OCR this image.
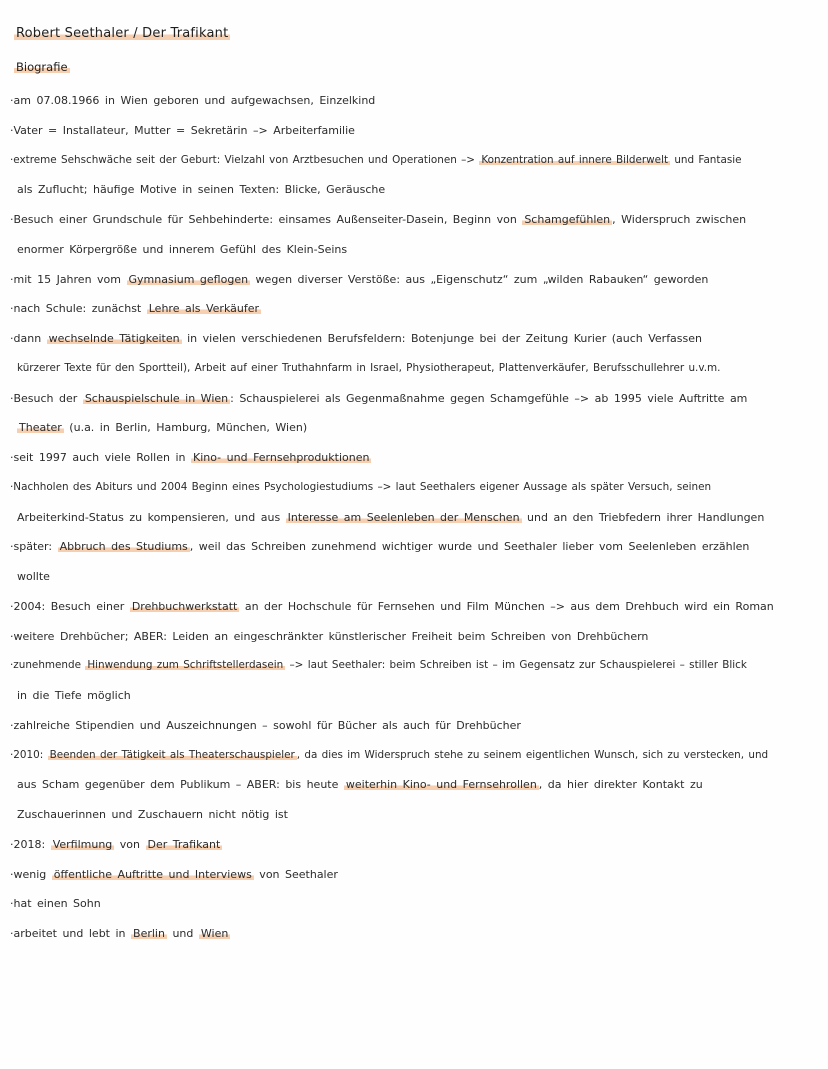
Robert Seethaler / Der Trafikant
Biografie
·am 07.08.1966 in Wien geboren und aufgewachsen, Einzelkind
·Vater = Installateur, Mutter = Sekretärin –> Arbeiterfamilie
·extreme Sehschwäche seit der Geburt: Vielzahl von Arztbesuchen und Operationen –> Konzentration auf innere Bilderwelt und Fantasie
als Zuflucht; häufige Motive in seinen Texten: Blicke, Geräusche
·Besuch einer Grundschule für Sehbehinderte: einsames Außenseiter-Dasein, Beginn von Schamgefühlen , Widerspruch zwischen
enormer Körpergröße und innerem Gefühl des Klein-Seins
·mit 15 Jahren vom Gymnasium geflogen wegen diverser Verstöße: aus „Eigenschutz“ zum „wilden Rabauken“ geworden
·nach Schule: zunächst Lehre als Verkäufer
·dann wechselnde Tätigkeiten in vielen verschiedenen Berufsfeldern: Botenjunge bei der Zeitung Kurier (auch Verfassen
kürzerer Texte für den Sportteil), Arbeit auf einer Truthahnfarm in Israel, Physiotherapeut, Plattenverkäufer, Berufsschullehrer u.v.m.
·Besuch der Schauspielschule in Wien : Schauspielerei als Gegenmaßnahme gegen Schamgefühle –> ab 1995 viele Auftritte am
Theater (u.a. in Berlin, Hamburg, München, Wien)
·seit 1997 auch viele Rollen in Kino- und Fernsehproduktionen
·Nachholen des Abiturs und 2004 Beginn eines Psychologiestudiums –> laut Seethalers eigener Aussage als später Versuch, seinen
Arbeiterkind-Status zu kompensieren, und aus Interesse am Seelenleben der Menschen und an den Triebfedern ihrer Handlungen
·später: Abbruch des Studiums , weil das Schreiben zunehmend wichtiger wurde und Seethaler lieber vom Seelenleben erzählen
wollte
·2004: Besuch einer Drehbuchwerkstatt an der Hochschule für Fernsehen und Film München –> aus dem Drehbuch wird ein Roman
·weitere Drehbücher; ABER: Leiden an eingeschränkter künstlerischer Freiheit beim Schreiben von Drehbüchern
·zunehmende Hinwendung zum Schriftstellerdasein –> laut Seethaler: beim Schreiben ist – im Gegensatz zur Schauspielerei – stiller Blick
in die Tiefe möglich
·zahlreiche Stipendien und Auszeichnungen – sowohl für Bücher als auch für Drehbücher
·2010: Beenden der Tätigkeit als Theaterschauspieler , da dies im Widerspruch stehe zu seinem eigentlichen Wunsch, sich zu verstecken, und
aus Scham gegenüber dem Publikum – ABER: bis heute weiterhin Kino- und Fernsehrollen , da hier direkter Kontakt zu
Zuschauerinnen und Zuschauern nicht nötig ist
·2018: Verfilmung von Der Trafikant
·wenig öffentliche Auftritte und Interviews von Seethaler
·hat einen Sohn
·arbeitet und lebt in Berlin und Wien
